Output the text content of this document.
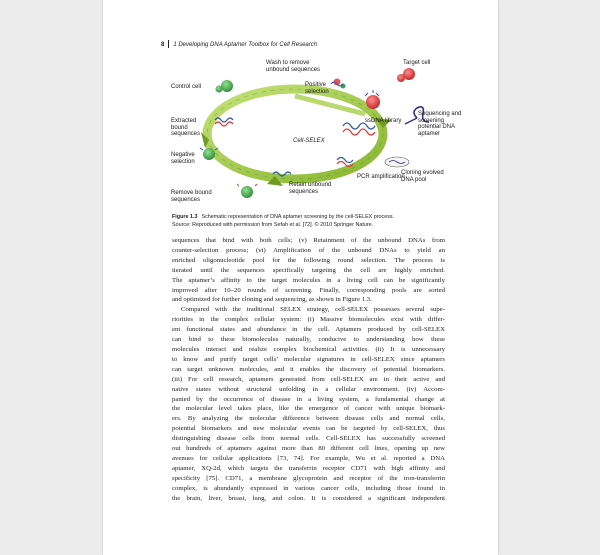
8 1 Developing DNA Aptamer Toolbox for Cell Research
Wash to remove
unbound sequences
Target cell
Positive
selection
Control cell
Extracted
bound
sequences
ssDNA library
Sequencing and
screening
potential DNA
aptamer
Cell-SELEX
Negative
selection
PCR amplification
Cloning evolved
DNA pool
Retain unbound
sequences
Remove bound
sequences
Figure 1.3 Schematic representation of DNA aptamer screening by the cell-SELEX process.
Source: Reproduced with permission from Sefah et al. [72]. © 2010 Springer Nature.

sequences that bind with both cells; (v) Retainment of the unbound DNAs from

counter-selection process; (vi) Amplification of the unbound DNAs to yield an

enriched oligonucleotide pool for the following round selection. The process is

iterated until the sequences specifically targeting the cell are highly enriched.

The aptamer’s affinity to the target molecules in a living cell can be significantly

improved after 10–20 rounds of screening. Finally, corresponding pools are sorted

and optimized for further cloning and sequencing, as shown in Figure 1.3.

Compared with the traditional SELEX strategy, cell-SELEX possesses several supe-

riorities in the complex cellular system: (i) Massive biomolecules exist with differ-

ent functional states and abundance in the cell. Aptamers produced by cell-SELEX

can bind to these biomolecules naturally, conducive to understanding how these

molecules interact and realize complex biochemical activities. (ii) It is unnecessary

to know and purify target cells’ molecular signatures in cell-SELEX since aptamers

can target unknown molecules, and it enables the discovery of potential biomarkers.

(iii) For cell research, aptamers generated from cell-SELEX are in their active and

native states without structural unfolding in a cellular environment. (iv) Accom-

panied by the occurrence of disease in a living system, a fundamental change at

the molecular level takes place, like the emergence of cancer with unique biomark-

ers. By analyzing the molecular difference between disease cells and normal cells,

potential biomarkers and new molecular events can be targeted by cell-SELEX, thus

distinguishing disease cells from normal cells. Cell-SELEX has successfully screened

out hundreds of aptamers against more than 80 different cell lines, opening up new

avenues for cellular applications [73, 74]. For example, Wu et al. reported a DNA

aptamer, XQ-2d, which targets the transferrin receptor CD71 with high affinity and

specificity [75]. CD71, a membrane glycoprotein and receptor of the iron-transferrin

complex, is abundantly expressed in various cancer cells, including those found in

the brain, liver, breast, lung, and colon. It is considered a significant independent
